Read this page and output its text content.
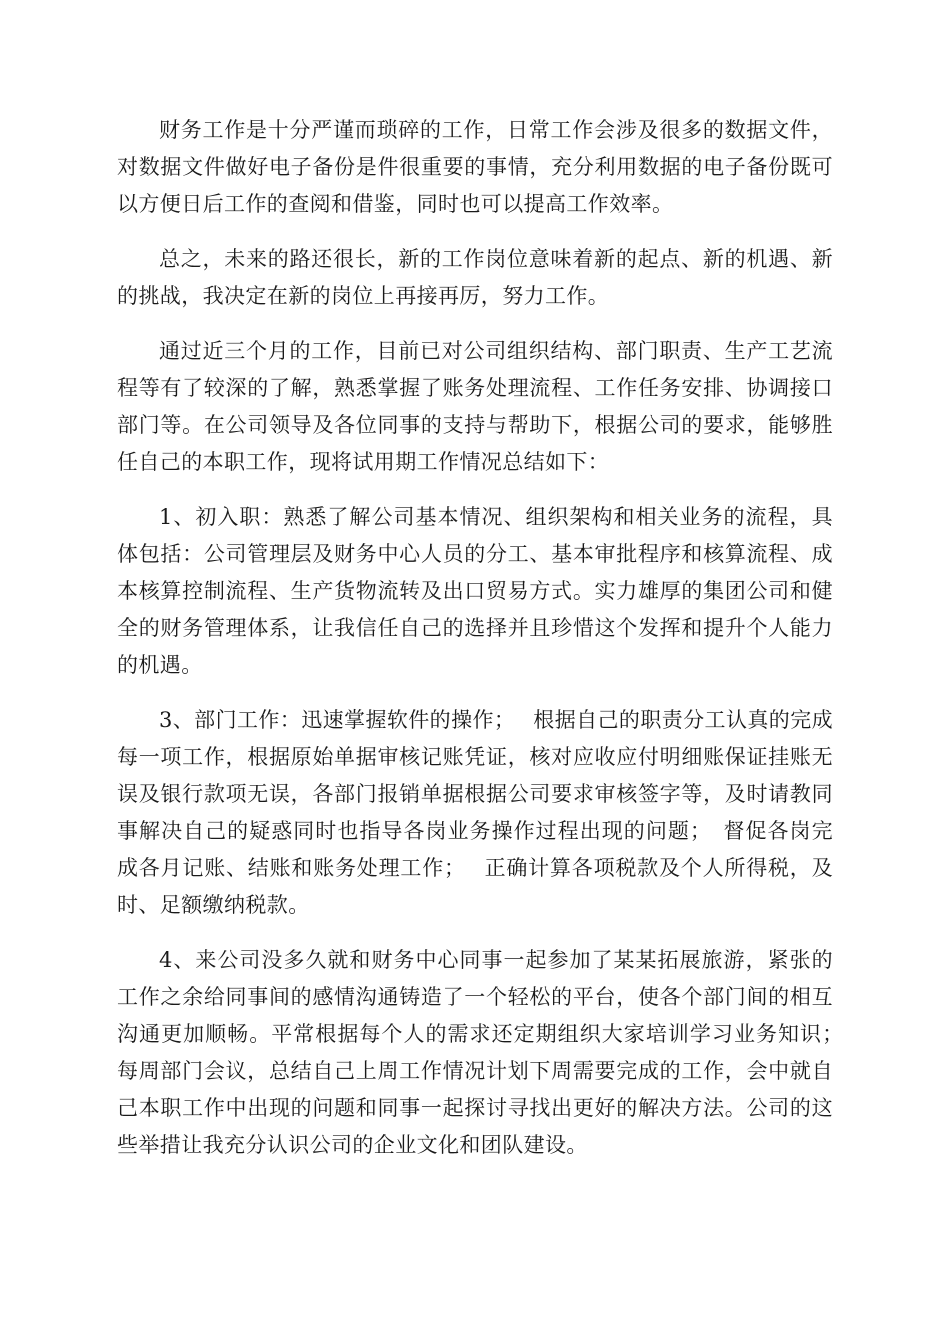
财务工作是十分严谨而琐碎的工作，日常工作会涉及很多的数据文件，对数据文件做好电子备份是件很重要的事情，充分利用数据的电子备份既可以方便日后工作的查阅和借鉴，同时也可以提高工作效率。

总之，未来的路还很长，新的工作岗位意味着新的起点、新的机遇、新的挑战，我决定在新的岗位上再接再厉，努力工作。

通过近三个月的工作，目前已对公司组织结构、部门职责、生产工艺流程等有了较深的了解，熟悉掌握了账务处理流程、工作任务安排、协调接口部门等。在公司领导及各位同事的支持与帮助下，根据公司的要求，能够胜任自己的本职工作，现将试用期工作情况总结如下：

1、初入职：熟悉了解公司基本情况、组织架构和相关业务的流程，具体包括：公司管理层及财务中心人员的分工、基本审批程序和核算流程、成本核算控制流程、生产货物流转及出口贸易方式。实力雄厚的集团公司和健全的财务管理体系，让我信任自己的选择并且珍惜这个发挥和提升个人能力的机遇。

3、部门工作：迅速掌握软件的操作；　 根据自己的职责分工认真的完成每一项工作，根据原始单据审核记账凭证，核对应收应付明细账保证挂账无误及银行款项无误，各部门报销单据根据公司要求审核签字等，及时请教同事解决自己的疑惑同时也指导各岗业务操作过程出现的问题；　督促各岗完成各月记账、结账和账务处理工作；　 正确计算各项税款及个人所得税，及时、足额缴纳税款。

4、来公司没多久就和财务中心同事一起参加了某某拓展旅游，紧张的工作之余给同事间的感情沟通铸造了一个轻松的平台，使各个部门间的相互沟通更加顺畅。平常根据每个人的需求还定期组织大家培训学习业务知识；　 每周部门会议，总结自己上周工作情况计划下周需要完成的工作，会中就自己本职工作中出现的问题和同事一起探讨寻找出更好的解决方法。公司的这些举措让我充分认识公司的企业文化和团队建设。
